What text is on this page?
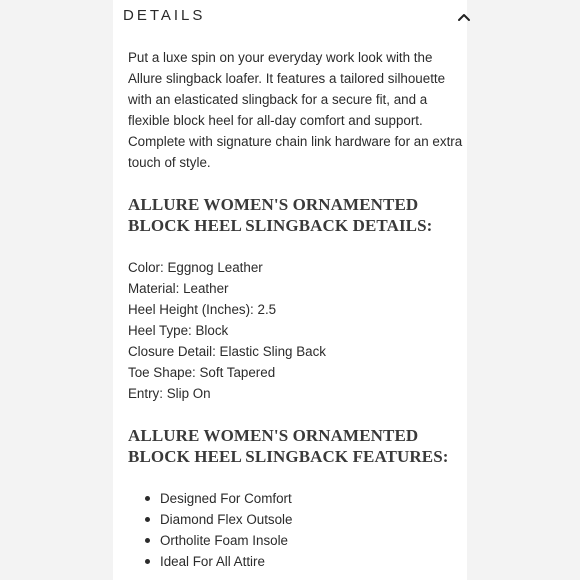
DETAILS

Put a luxe spin on your everyday work look with the Allure slingback loafer. It features a tailored silhouette with an elasticated slingback for a secure fit, and a flexible block heel for all-day comfort and support. Complete with signature chain link hardware for an extra touch of style.

ALLURE WOMEN'S ORNAMENTED BLOCK HEEL SLINGBACK DETAILS:
Color: Eggnog Leather
Material: Leather
Heel Height (Inches): 2.5
Heel Type: Block
Closure Detail: Elastic Sling Back
Toe Shape: Soft Tapered
Entry: Slip On
ALLURE WOMEN'S ORNAMENTED BLOCK HEEL SLINGBACK FEATURES:
Designed For Comfort
Diamond Flex Outsole
Ortholite Foam Insole
Ideal For All Attire
